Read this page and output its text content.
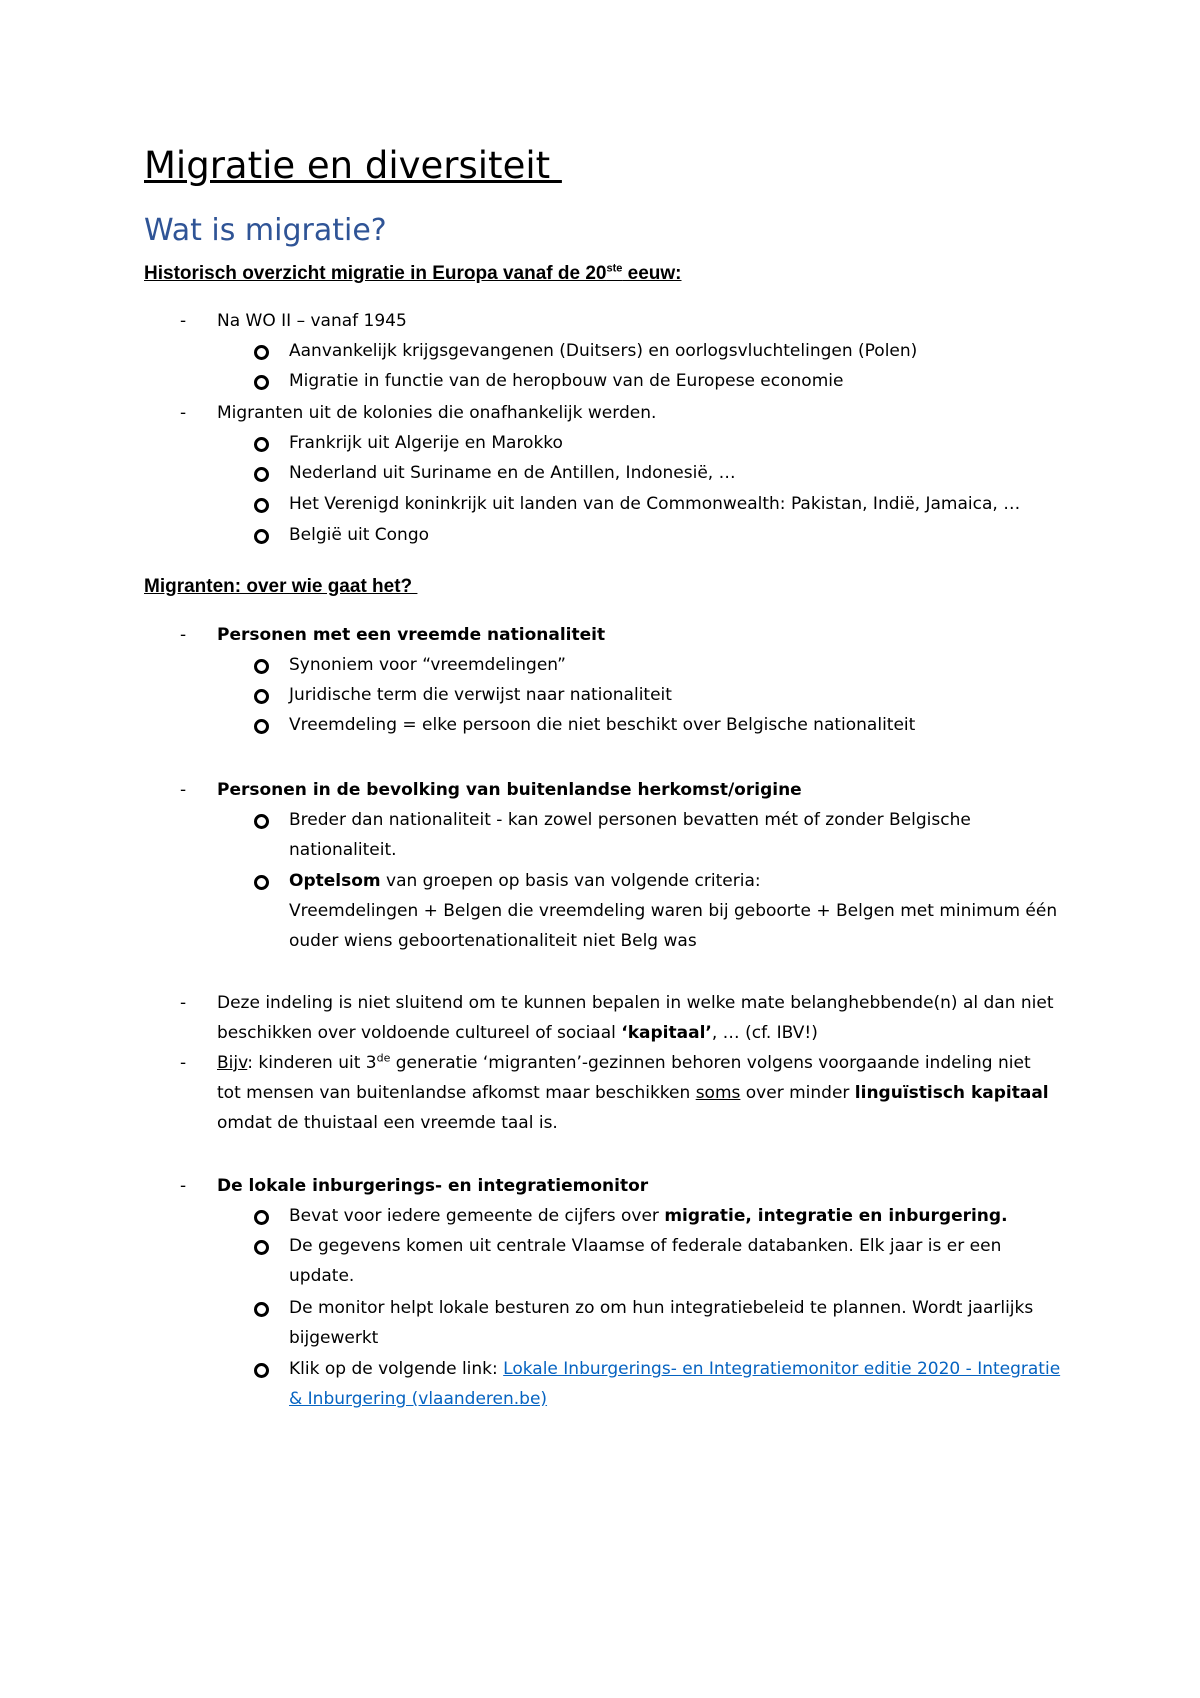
Migratie en diversiteit
Wat is migratie?

Historisch overzicht migratie in Europa vanaf de 20ste eeuw:

- Na WO II – vanaf 1945
Aanvankelijk krijgsgevangenen (Duitsers) en oorlogsvluchtelingen (Polen)
Migratie in functie van de heropbouw van de Europese economie
- Migranten uit de kolonies die onafhankelijk werden.
Frankrijk uit Algerije en Marokko
Nederland uit Suriname en de Antillen, Indonesië, …
Het Verenigd koninkrijk uit landen van de Commonwealth: Pakistan, Indië, Jamaica, …
België uit Congo

Migranten: over wie gaat het?

- Personen met een vreemde nationaliteit
Synoniem voor “vreemdelingen”
Juridische term die verwijst naar nationaliteit
Vreemdeling = elke persoon die niet beschikt over Belgische nationaliteit
- Personen in de bevolking van buitenlandse herkomst/origine
Breder dan nationaliteit - kan zowel personen bevatten mét of zonder Belgische nationaliteit.
Optelsom van groepen op basis van volgende criteria:
Vreemdelingen + Belgen die vreemdeling waren bij geboorte + Belgen met minimum één ouder wiens geboortenationaliteit niet Belg was
- Deze indeling is niet sluitend om te kunnen bepalen in welke mate belanghebbende(n) al dan niet beschikken over voldoende cultureel of sociaal ‘kapitaal’, … (cf. IBV!)
- Bijv: kinderen uit 3de generatie ‘migranten’-gezinnen behoren volgens voorgaande indeling niet tot mensen van buitenlandse afkomst maar beschikken soms over minder linguïstisch kapitaal omdat de thuistaal een vreemde taal is.
- De lokale inburgerings- en integratiemonitor
Bevat voor iedere gemeente de cijfers over migratie, integratie en inburgering.
De gegevens komen uit centrale Vlaamse of federale databanken. Elk jaar is er een update.
De monitor helpt lokale besturen zo om hun integratiebeleid te plannen. Wordt jaarlijks bijgewerkt
Klik op de volgende link: Lokale Inburgerings- en Integratiemonitor editie 2020 - Integratie & Inburgering (vlaanderen.be)
